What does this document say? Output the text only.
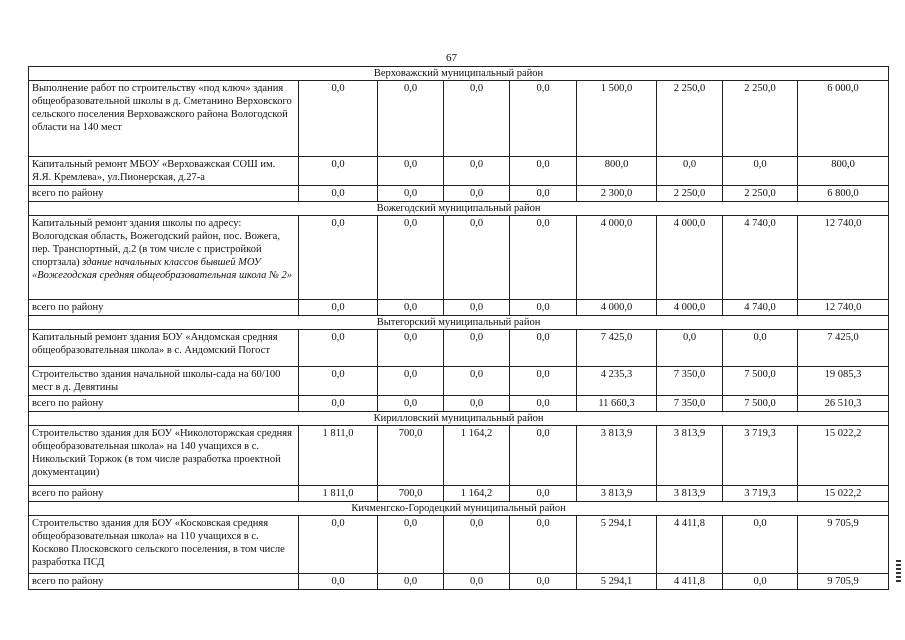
67
Верховажский муниципальный район								
Выполнение работ по строительству «под ключ» здания общеобразовательной школы в д. Сметанино Верховского сельского поселения Верховажского района Вологодской области на 140 мест	0,0	0,0	0,0	0,0	1 500,0	2 250,0	2 250,0	6 000,0
Капитальный ремонт МБОУ «Верховажская СОШ им. Я.Я. Кремлева», ул.Пионерская, д.27-а	0,0	0,0	0,0	0,0	800,0	0,0	0,0	800,0
всего по району	0,0	0,0	0,0	0,0	2 300,0	2 250,0	2 250,0	6 800,0
Вожегодский муниципальный район								
Капитальный ремонт здания школы по адресу: Вологодская область, Вожегодский район, пос. Вожега, пер. Транспортный, д.2 (в том числе с пристройкой спортзала) здание начальных классов бывшей МОУ «Вожегодская средняя общеобразовательная школа № 2»	0,0	0,0	0,0	0,0	4 000,0	4 000,0	4 740,0	12 740,0
всего по району	0,0	0,0	0,0	0,0	4 000,0	4 000,0	4 740,0	12 740,0
Вытегорский муниципальный район								
Капитальный ремонт здания БОУ «Андомская средняя общеобразовательная школа» в с. Андомский Погост	0,0	0,0	0,0	0,0	7 425,0	0,0	0,0	7 425,0
Строительство здания начальной школы-сада на 60/100 мест в д. Девятины	0,0	0,0	0,0	0,0	4 235,3	7 350,0	7 500,0	19 085,3
всего по району	0,0	0,0	0,0	0,0	11 660,3	7 350,0	7 500,0	26 510,3
Кирилловский муниципальный район								
Строительство здания для БОУ «Николоторжская средняя общеобразовательная школа» на 140 учащихся в с. Никольский Торжок (в том числе разработка проектной документации)	1 811,0	700,0	1 164,2	0,0	3 813,9	3 813,9	3 719,3	15 022,2
всего по району	1 811,0	700,0	1 164,2	0,0	3 813,9	3 813,9	3 719,3	15 022,2
Кичменгско-Городецкий муниципальный район								
Строительство здания для БОУ «Косковская средняя общеобразовательная школа» на 110 учащихся в с. Косково Плосковского сельского поселения, в том числе разработка ПСД	0,0	0,0	0,0	0,0	5 294,1	4 411,8	0,0	9 705,9
всего по району	0,0	0,0	0,0	0,0	5 294,1	4 411,8	0,0	9 705,9
